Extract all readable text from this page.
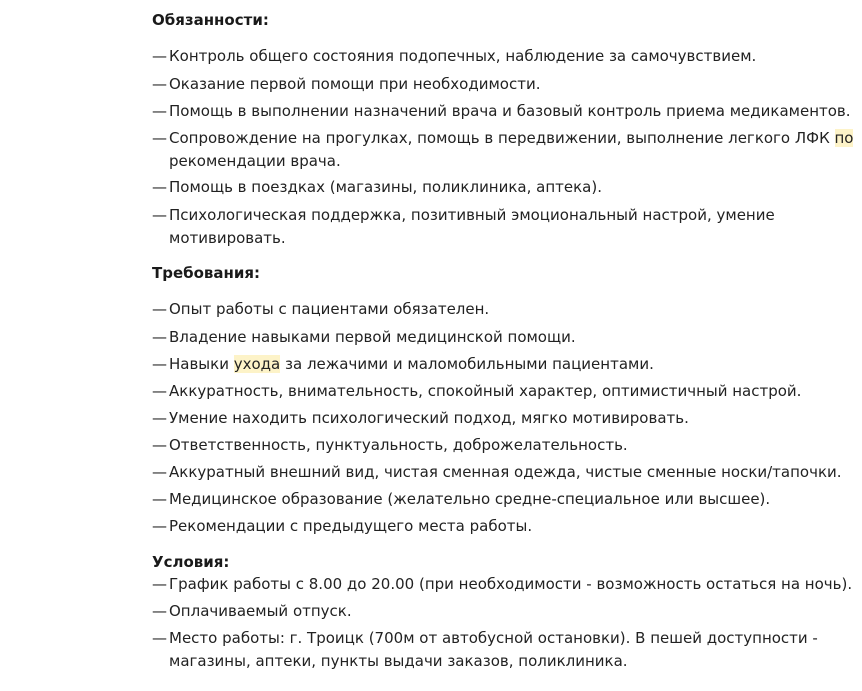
Обязанности:
— Контроль общего состояния подопечных, наблюдение за самочувствием.
— Оказание первой помощи при необходимости.
— Помощь в выполнении назначений врача и базовый контроль приема медикаментов.
— Сопровождение на прогулках, помощь в передвижении, выполнение легкого ЛФК по
рекомендации врача.
— Помощь в поездках (магазины, поликлиника, аптека).
— Психологическая поддержка, позитивный эмоциональный настрой, умение
мотивировать.
Требования:
— Опыт работы с пациентами обязателен.
— Владение навыками первой медицинской помощи.
— Навыки ухода за лежачими и маломобильными пациентами.
— Аккуратность, внимательность, спокойный характер, оптимистичный настрой.
— Умение находить психологический подход, мягко мотивировать.
— Ответственность, пунктуальность, доброжелательность.
— Аккуратный внешний вид, чистая сменная одежда, чистые сменные носки/тапочки.
— Медицинское образование (желательно средне-специальное или высшее).
— Рекомендации с предыдущего места работы.
Условия:
— График работы с 8.00 до 20.00 (при необходимости - возможность остаться на ночь).
— Оплачиваемый отпуск.
— Место работы: г. Троицк (700м от автобусной остановки). В пешей доступности -
магазины, аптеки, пункты выдачи заказов, поликлиника.
